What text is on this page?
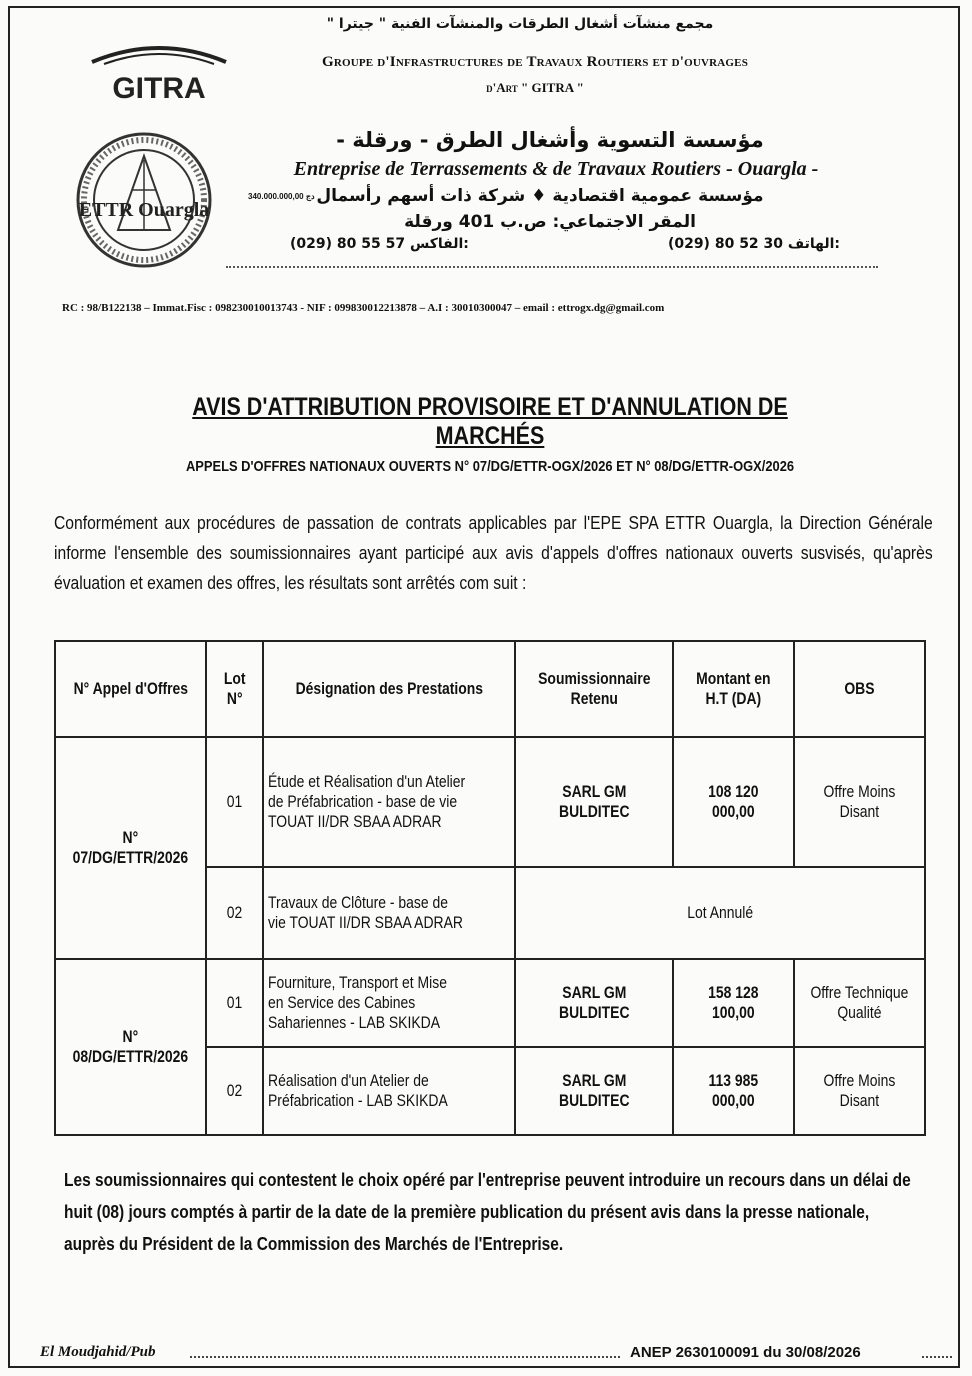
مجمع منشآت أشغال الطرقات والمنشآت الفنية " جيترا "
GITRA
Groupe d'Infrastructures de Travaux Routiers et d'ouvrages
d'Art " GITRA "
ETTR Ouargla
مؤسسة التسوية وأشغال الطرق - ورقلة -
Entreprise de Terrassements & de Travaux Routiers - Ouargla -
340.000.000,00 دج مؤسسة عمومية اقتصادية ♦ شركة ذات أسهم رأسمال
المقر الاجتماعي: ص.ب 401 ورقلة
(029) 80 55 57 الفاكس:	(029) 80 52 30 الهاتف:
RC : 98/B122138 – Immat.Fisc : 098230010013743 - NIF : 099830012213878 – A.I : 30010300047 – email : ettrogx.dg@gmail.com
AVIS D'ATTRIBUTION PROVISOIRE ET D'ANNULATION DE MARCHÉS
APPELS D'OFFRES NATIONAUX OUVERTS N° 07/DG/ETTR-OGX/2026 ET N° 08/DG/ETTR-OGX/2026
Conformément aux procédures de passation de contrats applicables par l'EPE SPA ETTR Ouargla, la Direction Générale informe l'ensemble des soumissionnaires ayant participé aux avis d'appels d'offres nationaux ouverts susvisés, qu'après évaluation et examen des offres, les résultats sont arrêtés com suit :
N° Appel d'Offres	Lot N°	Désignation des Prestations	Soumissionnaire Retenu	Montant en H.T (DA)	OBS
N° 07/DG/ETTR/2026	01	Étude et Réalisation d'un Atelier de Préfabrication - base de vie TOUAT II/DR SBAA ADRAR	SARL GM BULDITEC	108 120 000,00	Offre Moins Disant
	02	Travaux de Clôture - base de vie TOUAT II/DR SBAA ADRAR	Lot Annulé		
N° 08/DG/ETTR/2026	01	Fourniture, Transport et Mise en Service des Cabines Sahariennes - LAB SKIKDA	SARL GM BULDITEC	158 128 100,00	Offre Technique Qualité
	02	Réalisation d'un Atelier de Préfabrication - LAB SKIKDA	SARL GM BULDITEC	113 985 000,00	Offre Moins Disant
Les soumissionnaires qui contestent le choix opéré par l'entreprise peuvent introduire un recours dans un délai de huit (08) jours comptés à partir de la date de la première publication du présent avis dans la presse nationale, auprès du Président de la Commission des Marchés de l'Entreprise.
El Moudjahid/Pub	ANEP 2630100091 du 30/08/2026
